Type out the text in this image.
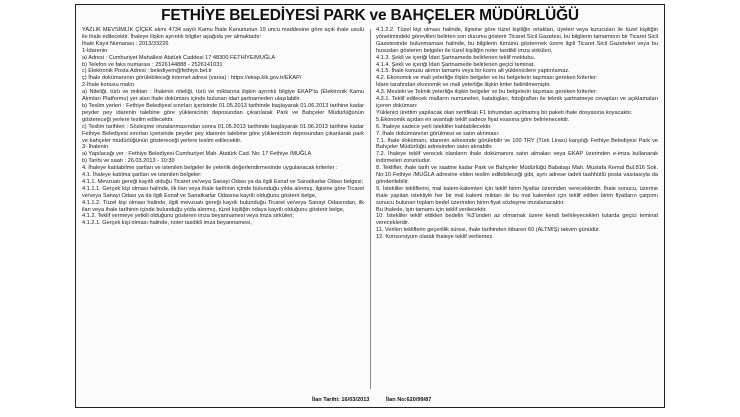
FETHİYE BELEDİYESİ PARK ve BAHÇELER MÜDÜRLÜĞÜ

YAZLIK MEVSİMLİK ÇİÇEK alımı 4734 sayılı Kamu İhale Kanununun 19 uncu maddesine göre açık ihale usulü ile ihale edilecektir. İhaleye ilişkin ayrıntılı bilgiler aşağıda yer almaktadır:

İhale Kayıt Numarası : 2013/33226

1-İdarenin

a) Adresi : Cumhuriyet Mahallesi Atatürk Caddesi 17 48300 FETHİYE/MUĞLA

b) Telefon ve faks numarası : 2526144888 - 2526141031

c) Elektronik Posta Adresi : belediyem@fethiye.bel.tr

ç) İhale dokümanının görülebileceği internet adresi (varsa) : https://ekap.kik.gov.tr/EKAP/

2-İhale konusu malın

a) Niteliği, türü ve miktarı : İhalenin niteliği, türü ve miktarına ilişkin ayrıntılı bilgiye EKAP'ta (Elektronik Kamu Alımları Platformu) yer alan ihale dokümanı içinde bulunan idari şartnameden ulaşılabilir.

b) Teslim yerleri : Fethiye Belediyesi sınırları içerisinde 01.05.2013 tarihinde başlayarak 01.06.2013 tarihine kadar peyder pey idarenin talebine göre yüklenicinin deposundan çıkarılarak Park ve Bahçeler Müdürlüğünün göstereceği yerlere teslim edilecektir.

c) Teslim tarihleri : Sözleşme imzalanmasından sonra 01.05.2013 tarihinde başlayarak 01.06.2013 tarihine kadar Fethiye Belediyesi sınırları içerisinde peyder pey idarenin talebine göre yüklenicinin deposundan çıkarılarak park ve bahçeler müdürlüğünün göstereceği yerlere teslim edilecektir.

3- İhalenin

a) Yapılacağı yer : Fethiye Belediyesi Cumhuriyet Mah. Atatürk Cad. No: 17 Fethiye /MUĞLA

b) Tarihi ve saatı : 26.03.2013 - 10:30

4. İhaleye katılabilme şartları ve istenilen belgeler ile yeterlik değerlendirmesinde uygulanacak kriterler :

4.1. İhaleye katılma şartları ve istenilen belgeler:

4.1.1. Mevzuatı gereği kayıtlı olduğu Ticaret ve/veya Sanayi Odası ya da ilgili Esnaf ve Sanatkarlar Odası belgesi;

4.1.1.1. Gerçek kişi olması halinde, ilk ilan veya ihale tarihinin içinde bulunduğu yılda alınmış, ilgisine göre Ticaret ve/veya Sanayi Odası ya da ilgili Esnaf ve Sanatkarlar Odasına kayıtlı olduğunu gösterir belge,

4.1.1.2. Tüzel kişi olması halinde, ilgili mevzuatı gereği kayıtlı bulunduğu Ticaret ve/veya Sanayi Odasından, ilk ilan veya ihale tarihinin içinde bulunduğu yılda alınmış, tüzel kişiliğin odaya kayıtlı olduğunu gösterir belge,

4.1.2. Teklif vermeye yetkili olduğunu gösteren imza beyannamesi veya imza sirküleri;

4.1.2.1. Gerçek kişi olması halinde, noter tasdikli imza beyannamesi,

4.1.2.2. Tüzel kişi olması halinde, ilgisine göre tüzel kişiliğin ortakları, üyeleri veya kurucuları ile tüzel kişiliğin yönetimindeki görevlileri belirten son durumu gösterir Ticaret Sicil Gazetesi, bu bilgilerin tamamının bir Ticaret Sicil Gazetesinde bulunmaması halinde, bu bilgilerin tümünü göstermek üzere ilgili Ticaret Sicil Gazeteleri veya bu hususları gösteren belgeler ile tüzel kişiliğin noter tasdikli imza sirküleri,

4.1.3. Şekli ve içeriği İdari Şartnamede belirlenen teklif mektubu.

4.1.4. Şekli ve içeriği İdari Şartnamede belirlenen geçici teminat.

4.1.5. İhale konusu alımın tamamı veya bir kısmı alt yüklenicilere yaptırılamaz.

4.2. Ekonomik ve mali yeterliğe ilişkin belgeler ve bu belgelerin taşıması gereken kriterler:

İdare tarafından ekonomik ve mali yeterliğe ilişkin kriter belirtilmemiştir.

4.3. Mesleki ve Teknik yeterliğe ilişkin belgeler ve bu belgelerin taşıması gereken kriterler:

4.3.1. Teklif edilecek malların numuneleri, katalogları, fotoğrafları ile teknik şartnameye cevapları ve açıklamaları içeren doküman:

Yüklenici ürettim yapılacak olan sertifikalı F1 tohumdan açılmamış bir paketi ihale dosyasına koyacaktır.

5.Ekonomik açıdan en avantajlı teklif sadece fiyat esasına göre belirlenecektir.

6. İhaleye sadece yerli istekliler katılabilecektir.

7. İhale dokümanının görülmesi ve satın alınması:

7.1. İhale dokümanı, idarenin adresinde görülebilir ve 100 TRY (Türk Lirası) karşılığı Fethiye Belediyesi Park ve Bahçeler Müdürlüğü adresinden satın alınabilir.

7.2. İhaleye teklif verecek olanların ihale dokümanını satın almaları veya EKAP üzerinden e-imza kullanarak indirmeleri zorunludur.

8. Teklifler, ihale tarih ve saatine kadar Park ve Bahçeler Müdürlüğü Babataşı Mah. Mustafa Kemal Bul.816 Sok. No:10 Fethiye /MUĞLA adresine elden teslim edilebileceği gibi, aynı adrese iadeli taahhütlü posta vasıtasıyla da gönderilebilir.

9. İstekliler tekliflerini, mal kalem-kalemleri için teklif birim fiyatlar üzerinden vereceklerdir. İhale sonucu, üzerine ihale yapılan istekliyle her bir mal kalemi miktarı ile bu mal kalemleri için teklif edilen birim fiyatların çarpımı sonucu bulunan toplam bedel üzerinden birim fiyat sözleşme imzalanacaktır.

Bu ihalede, işin tamamı için teklif verilecektir.

10. İstekliler teklif ettikleri bedelin %3'ünden az olmamak üzere kendi belirleyecekleri tutarda geçici teminat vereceklerdir.

11. Verilen tekliflerin geçerlilik süresi, ihale tarihinden itibaren 60 (ALTMIŞ) takvim günüdür.

12. Konsorsiyum olarak ihaleye teklif verilemez.

İlan Tarihi: 16/03/2013	İlan No:620/99/87
